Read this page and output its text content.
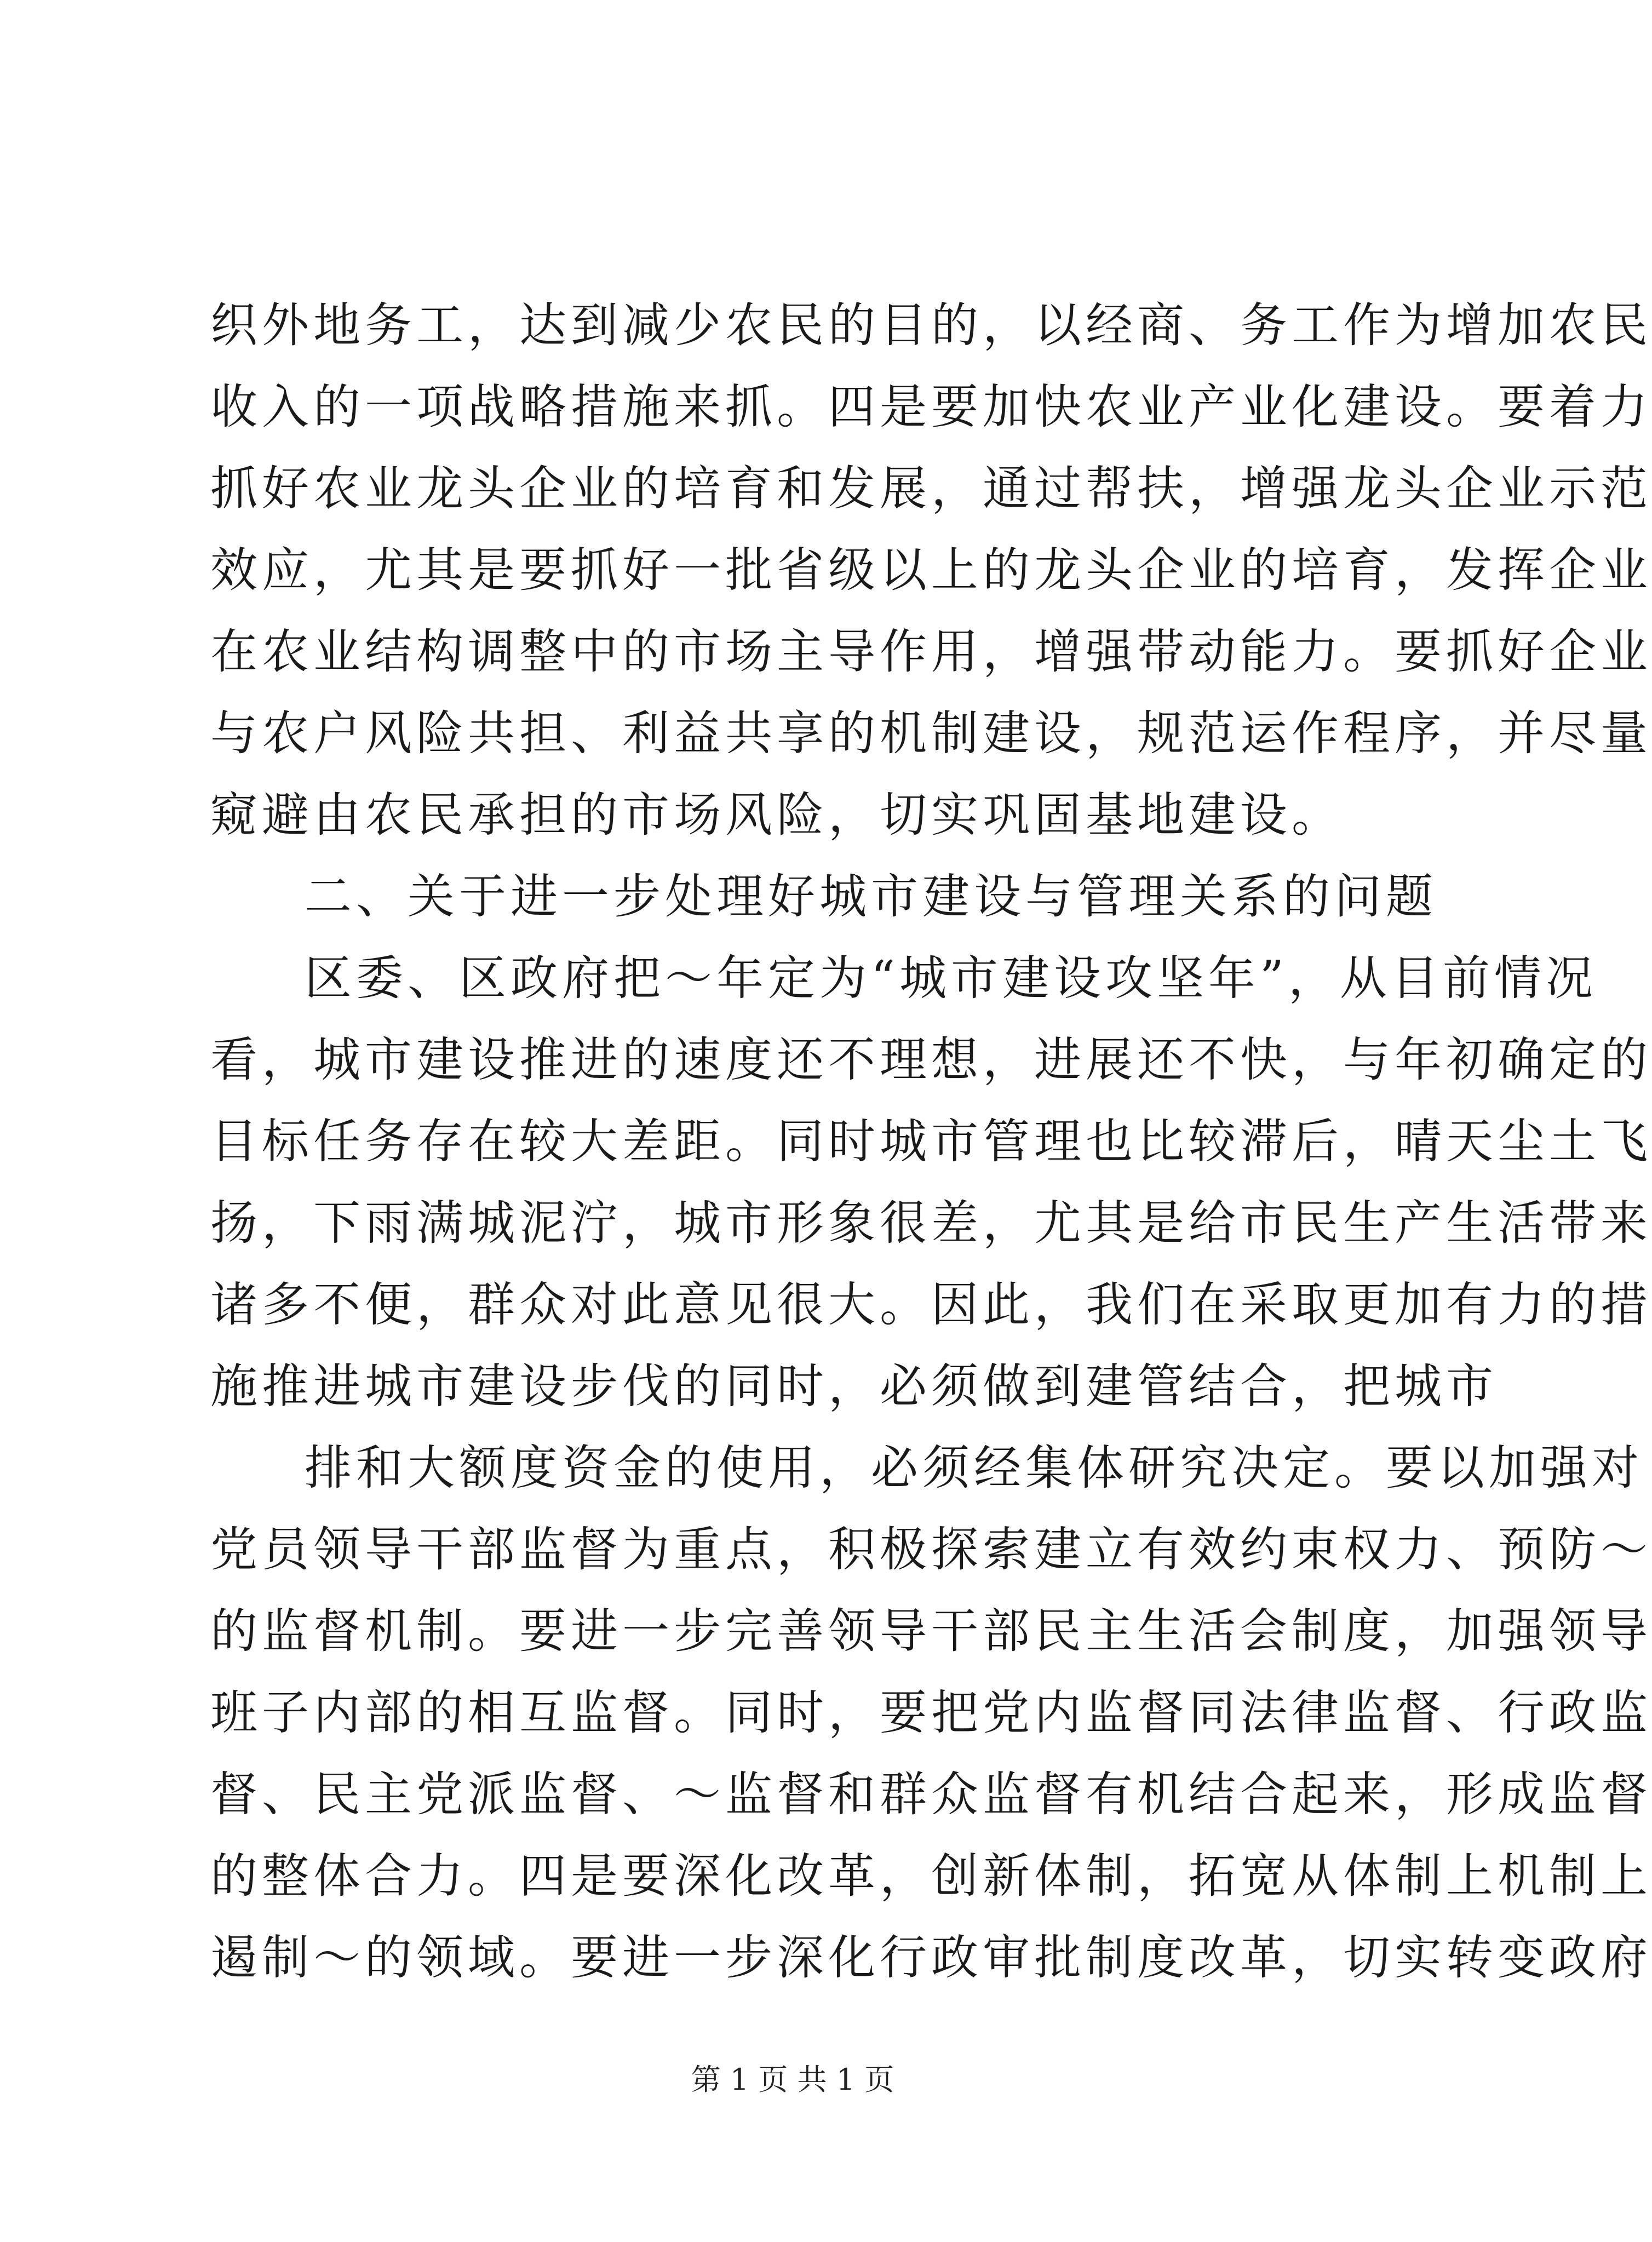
织外地务工，达到减少农民的目的，以经商、务工作为增加农民
收入的一项战略措施来抓。四是要加快农业产业化建设。要着力
抓好农业龙头企业的培育和发展，通过帮扶，增强龙头企业示范
效应，尤其是要抓好一批省级以上的龙头企业的培育，发挥企业
在农业结构调整中的市场主导作用，增强带动能力。要抓好企业
与农户风险共担、利益共享的机制建设，规范运作程序，并尽量
窥避由农民承担的市场风险，切实巩固基地建设。
二、关于进一步处理好城市建设与管理关系的问题
区委、区政府把～年定为“城市建设攻坚年”，从目前情况
看，城市建设推进的速度还不理想，进展还不快，与年初确定的
目标任务存在较大差距。同时城市管理也比较滞后，晴天尘土飞
扬，下雨满城泥泞，城市形象很差，尤其是给市民生产生活带来
诸多不便，群众对此意见很大。因此，我们在采取更加有力的措
施推进城市建设步伐的同时，必须做到建管结合，把城市
排和大额度资金的使用，必须经集体研究决定。要以加强对
党员领导干部监督为重点，积极探索建立有效约束权力、预防～
的监督机制。要进一步完善领导干部民主生活会制度，加强领导
班子内部的相互监督。同时，要把党内监督同法律监督、行政监
督、民主党派监督、～监督和群众监督有机结合起来，形成监督
的整体合力。四是要深化改革，创新体制，拓宽从体制上机制上
遏制～的领域。要进一步深化行政审批制度改革，切实转变政府
第 1 页 共 1 页
